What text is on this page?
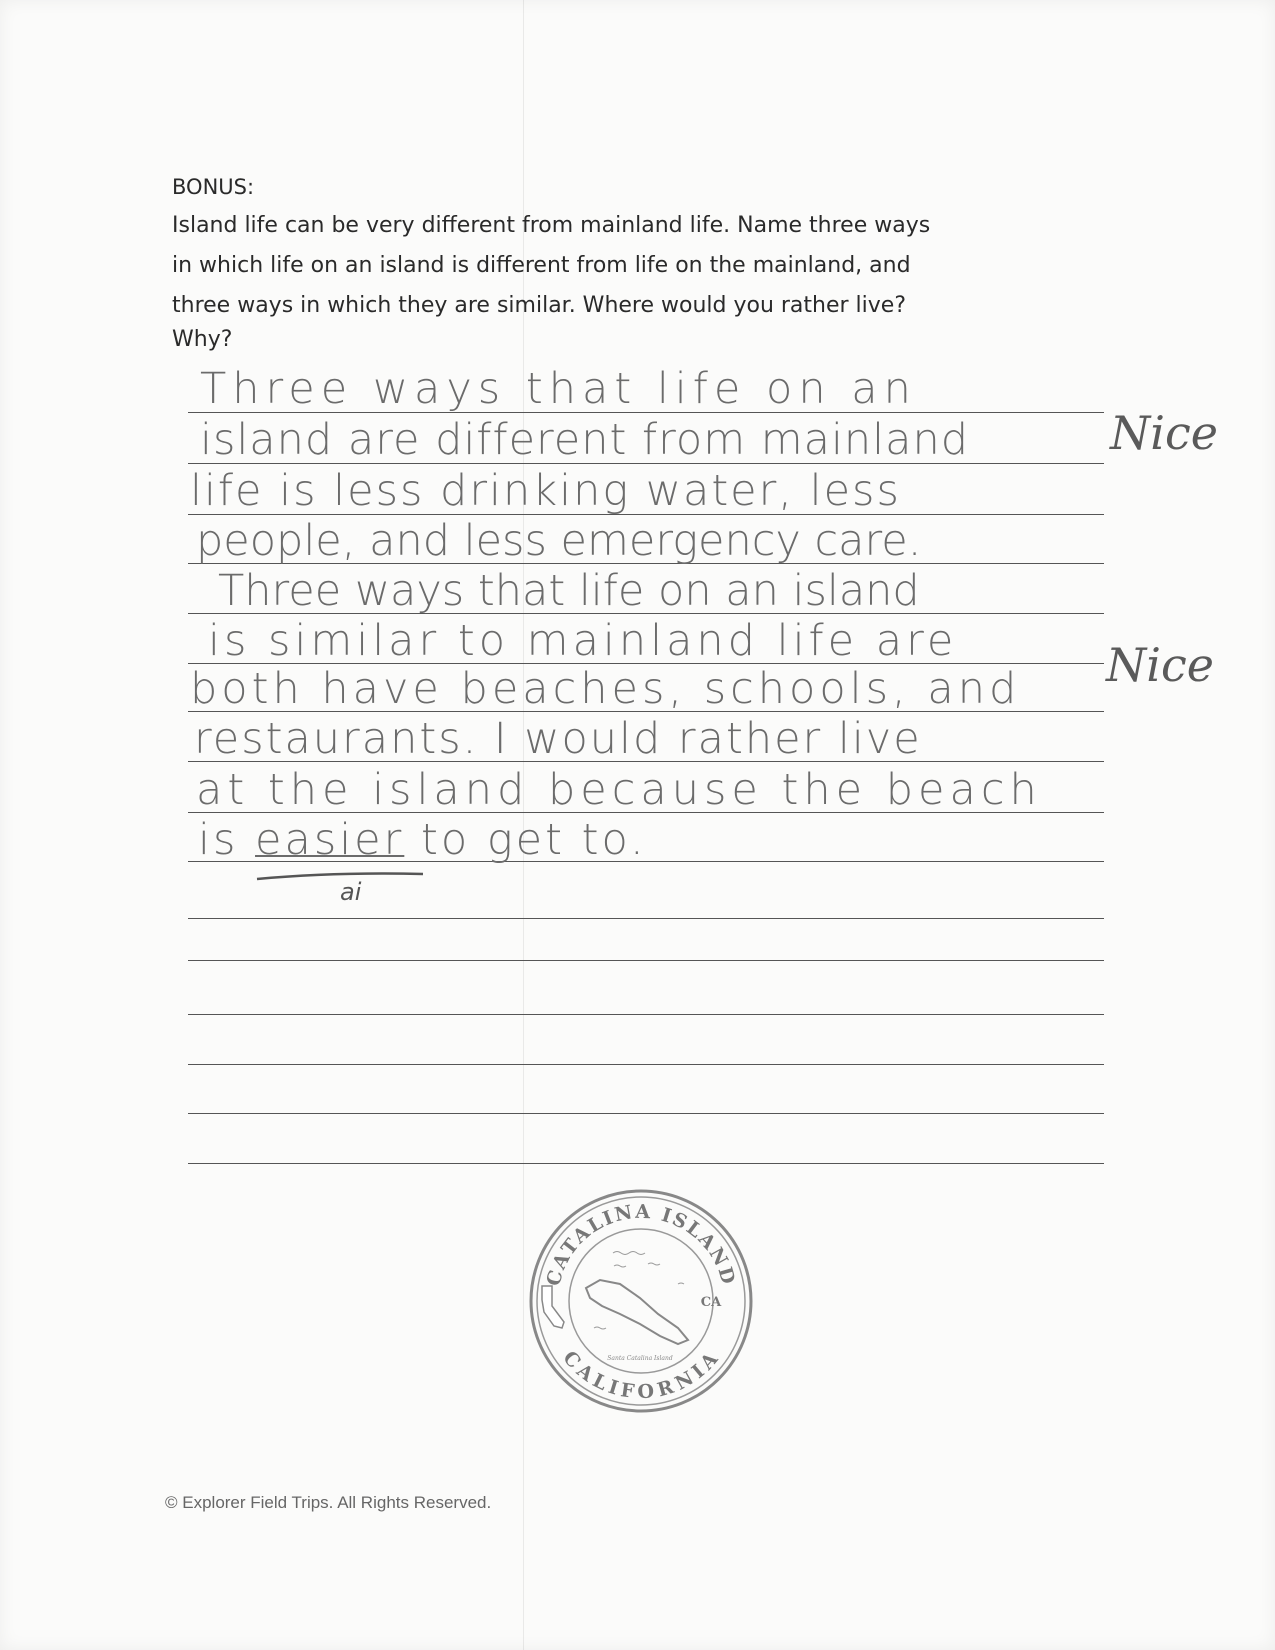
BONUS:
Island life can be very different from mainland life. Name three ways
in which life on an island is different from life on the mainland, and
three ways in which they are similar. Where would you rather live?
Why?
Three ways that life on an
island are different from mainland
life is less drinking water, less
people, and less emergency care.
Three ways that life on an island
is similar to mainland life are
both have beaches, schools, and
restaurants. I would rather live
at the island because the beach
is easier to get to.
Nice
Nice
ai
CATALINA ISLAND
CALIFORNIA
CA
Santa Catalina Island
© Explorer Field Trips. All Rights Reserved.
